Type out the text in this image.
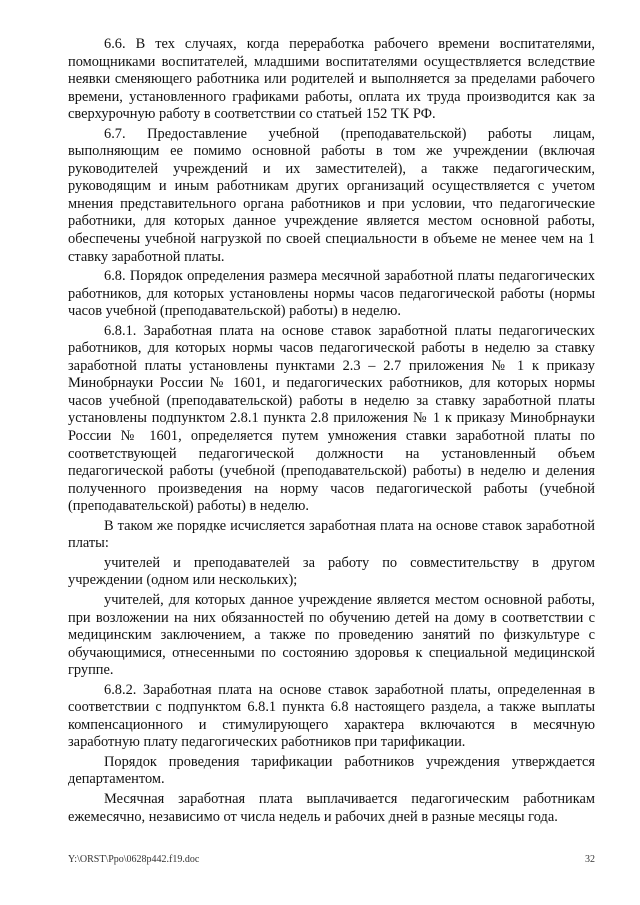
6.6. В тех случаях, когда переработка рабочего времени воспитателями, помощниками воспитателей, младшими воспитателями осуществляется вследствие неявки сменяющего работника или родителей и выполняется за пределами рабочего времени, установленного графиками работы, оплата их труда производится как за сверхурочную работу в соответствии со статьей 152 ТК РФ.

6.7. Предоставление учебной (преподавательской) работы лицам, выполняющим ее помимо основной работы в том же учреждении (включая руководителей учреждений и их заместителей), а также педагогическим, руководящим и иным работникам других организаций осуществляется с учетом мнения представительного органа работников и при условии, что педагогические работники, для которых данное учреждение является местом основной работы, обеспечены учебной нагрузкой по своей специальности в объеме не менее чем на 1 ставку заработной платы.

6.8. Порядок определения размера месячной заработной платы педагогических работников, для которых установлены нормы часов педагогической работы (нормы часов учебной (преподавательской) работы) в неделю.

6.8.1. Заработная плата на основе ставок заработной платы педагогических работников, для которых нормы часов педагогической работы в неделю за ставку заработной платы установлены пунктами 2.3 – 2.7 приложения № 1 к приказу Минобрнауки России № 1601, и педагогических работников, для которых нормы часов учебной (преподавательской) работы в неделю за ставку заработной платы установлены подпунктом 2.8.1 пункта 2.8 приложения № 1 к приказу Минобрнауки России № 1601, определяется путем умножения ставки заработной платы по соответствующей педагогической должности на установленный объем педагогической работы (учебной (преподавательской) работы) в неделю и деления полученного произведения на норму часов педагогической работы (учебной (преподавательской) работы) в неделю.

В таком же порядке исчисляется заработная плата на основе ставок заработной платы:

учителей и преподавателей за работу по совместительству в другом учреждении (одном или нескольких);

учителей, для которых данное учреждение является местом основной работы, при возложении на них обязанностей по обучению детей на дому в соответствии с медицинским заключением, а также по проведению занятий по физкультуре с обучающимися, отнесенными по состоянию здоровья к специальной медицинской группе.

6.8.2. Заработная плата на основе ставок заработной платы, определенная в соответствии с подпунктом 6.8.1 пункта 6.8 настоящего раздела, а также выплаты компенсационного и стимулирующего характера включаются в месячную заработную плату педагогических работников при тарификации.

Порядок проведения тарификации работников учреждения утверждается департаментом.

Месячная заработная плата выплачивается педагогическим работникам ежемесячно, независимо от числа недель и рабочих дней в разные месяцы года.

Y:\ORST\Ppo\0628p442.f19.doc	32
